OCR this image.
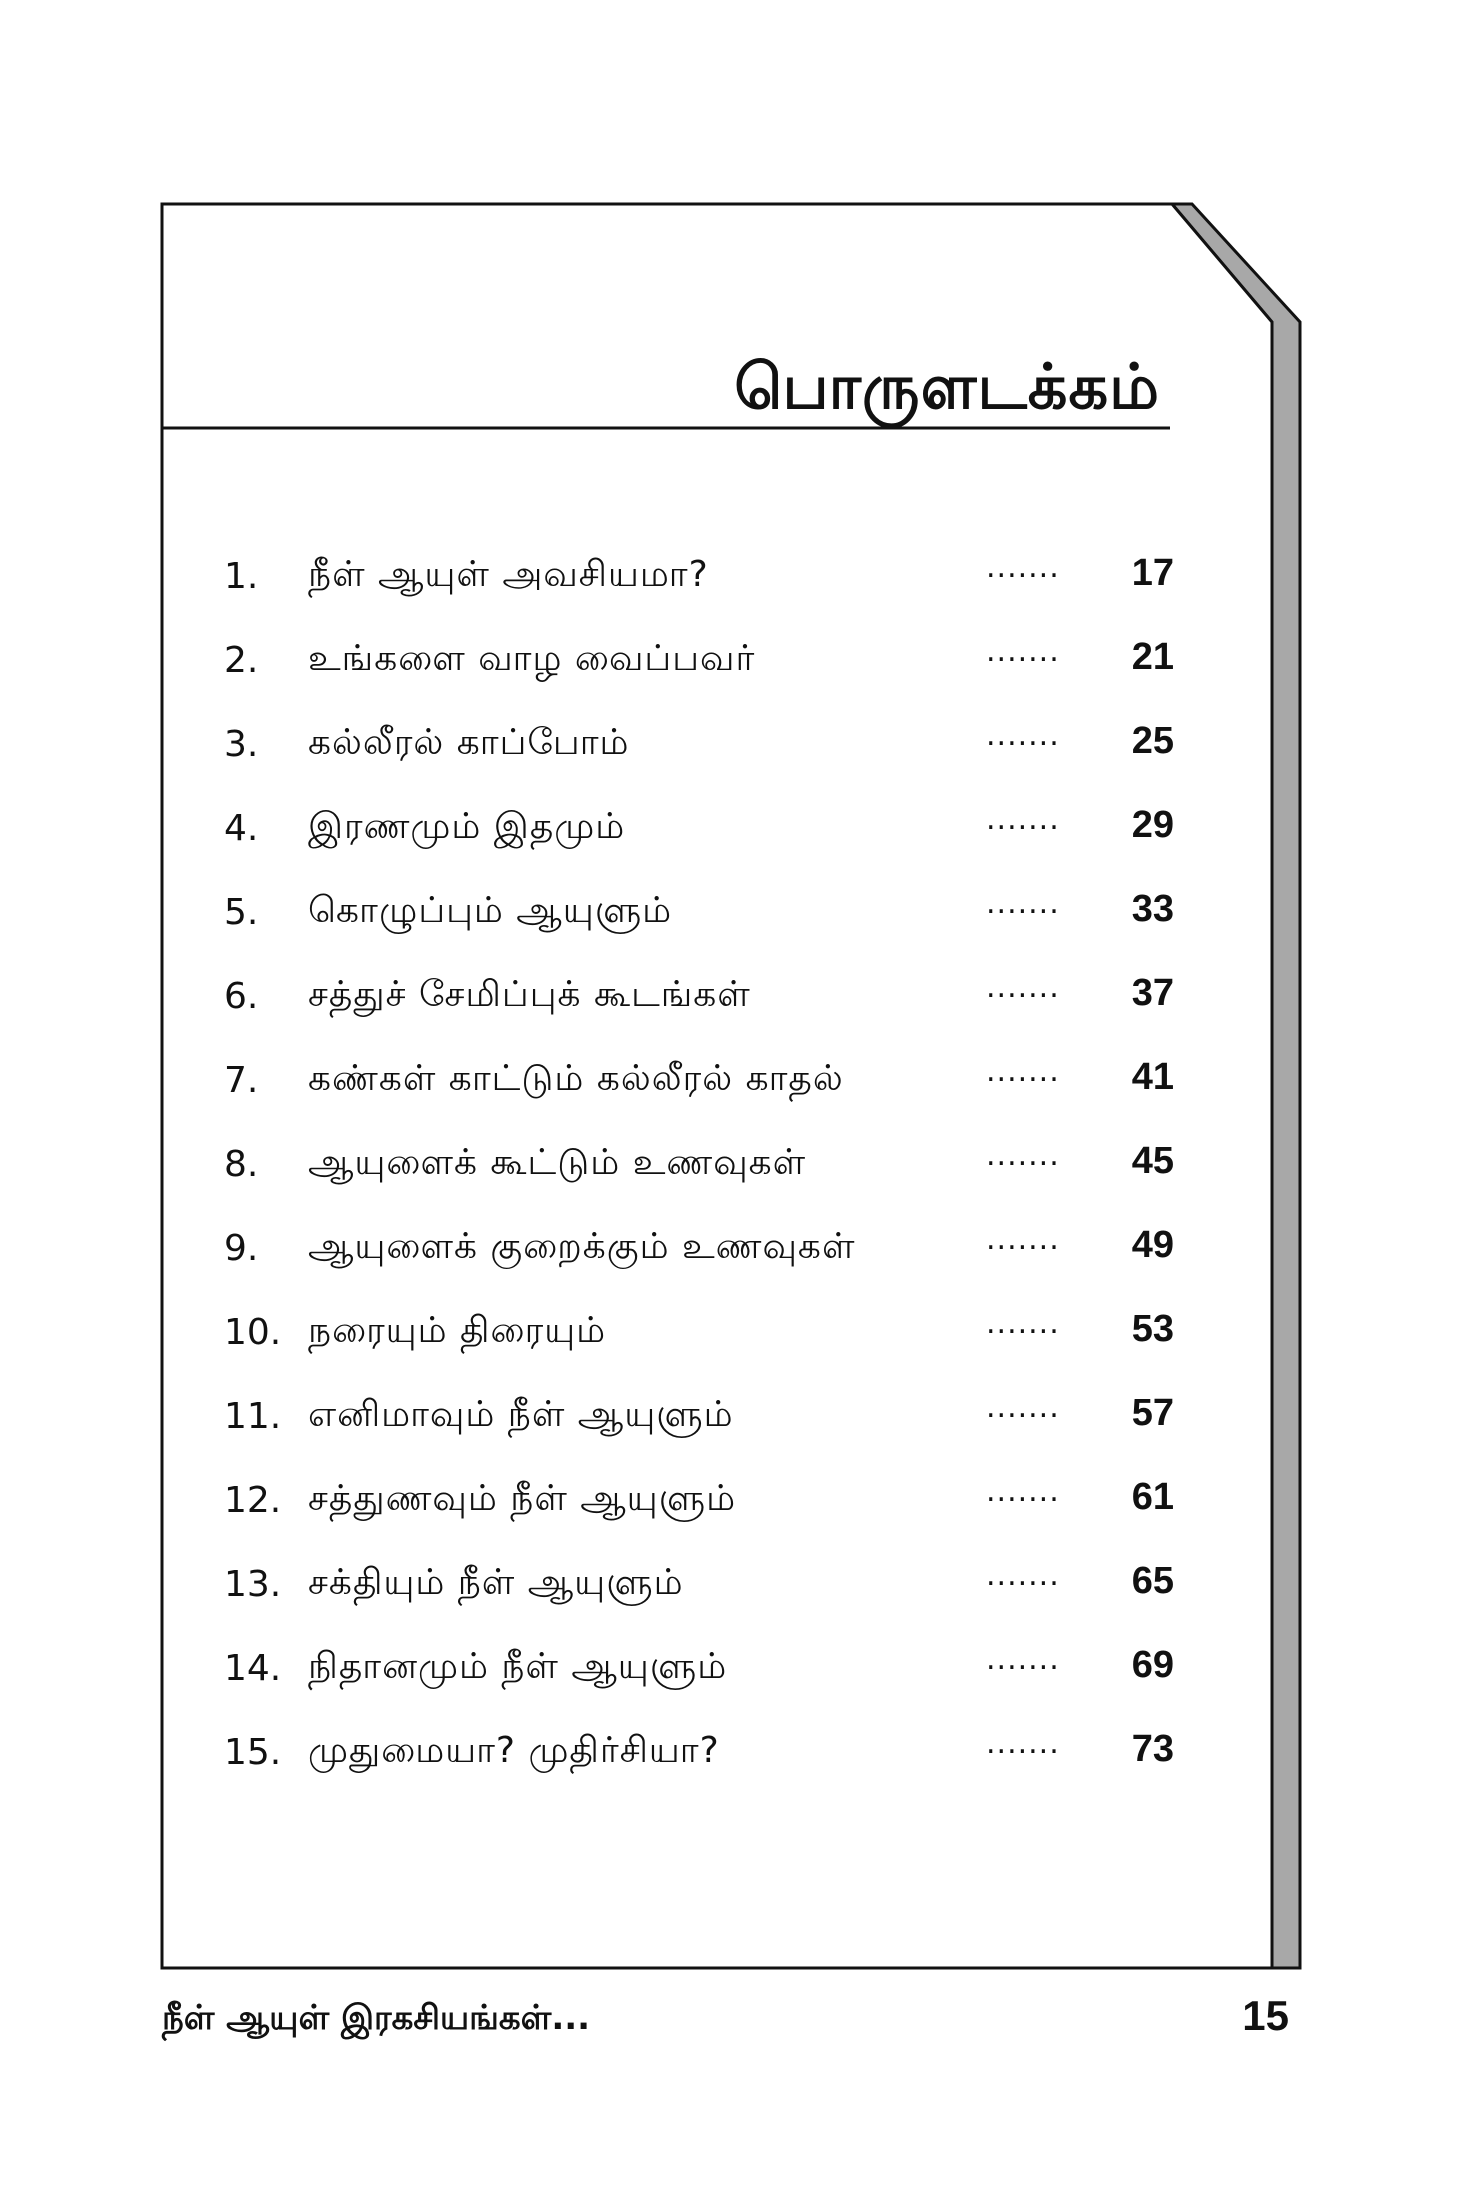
பொருளடக்கம்
1.	நீள் ஆயுள் அவசியமா?	....... 17
2.	உங்களை வாழ வைப்பவர்	....... 21
3.	கல்லீரல் காப்போம்	....... 25
4.	இரணமும் இதமும்	....... 29
5.	கொழுப்பும் ஆயுளும்	....... 33
6.	சத்துச் சேமிப்புக் கூடங்கள்	....... 37
7.	கண்கள் காட்டும் கல்லீரல் காதல்	....... 41
8.	ஆயுளைக் கூட்டும் உணவுகள்	....... 45
9.	ஆயுளைக் குறைக்கும் உணவுகள்	....... 49
10. நரையும் திரையும்	....... 53
11. எனிமாவும் நீள் ஆயுளும்	....... 57
12. சத்துணவும் நீள் ஆயுளும்	....... 61
13. சக்தியும் நீள் ஆயுளும்	....... 65
14. நிதானமும் நீள் ஆயுளும்	....... 69
15. முதுமையா? முதிர்சியா?	....... 73
நீள் ஆயுள் இரகசியங்கள்...	15
